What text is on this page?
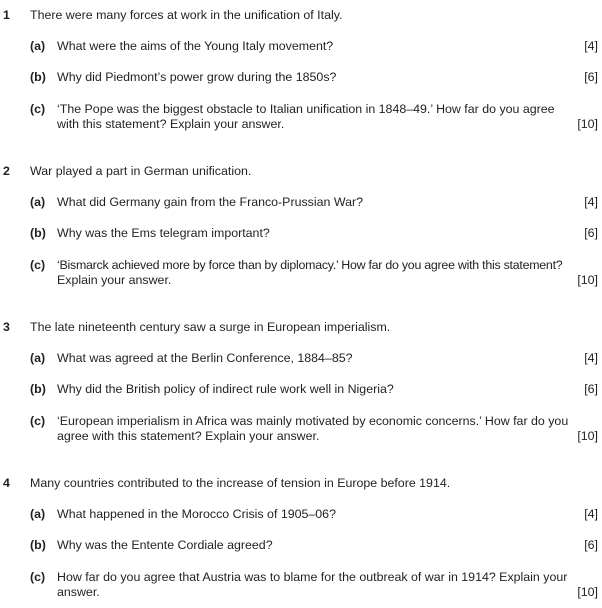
1 There were many forces at work in the unification of Italy.
(a) What were the aims of the Young Italy movement?	[4]
(b) Why did Piedmont’s power grow during the 1850s?	[6]
(c) ‘The Pope was the biggest obstacle to Italian unification in 1848–49.’ How far do you agree
with this statement? Explain your answer.	[10]
2 War played a part in German unification.
(a) What did Germany gain from the Franco-Prussian War?	[4]
(b) Why was the Ems telegram important?	[6]
(c) ‘Bismarck achieved more by force than by diplomacy.’ How far do you agree with this statement?
Explain your answer.	[10]
3 The late nineteenth century saw a surge in European imperialism.
(a) What was agreed at the Berlin Conference, 1884–85?	[4]
(b) Why did the British policy of indirect rule work well in Nigeria?	[6]
(c) ‘European imperialism in Africa was mainly motivated by economic concerns.’ How far do you
agree with this statement? Explain your answer.	[10]
4 Many countries contributed to the increase of tension in Europe before 1914.
(a) What happened in the Morocco Crisis of 1905–06?	[4]
(b) Why was the Entente Cordiale agreed?	[6]
(c) How far do you agree that Austria was to blame for the outbreak of war in 1914? Explain your
answer.	[10]
